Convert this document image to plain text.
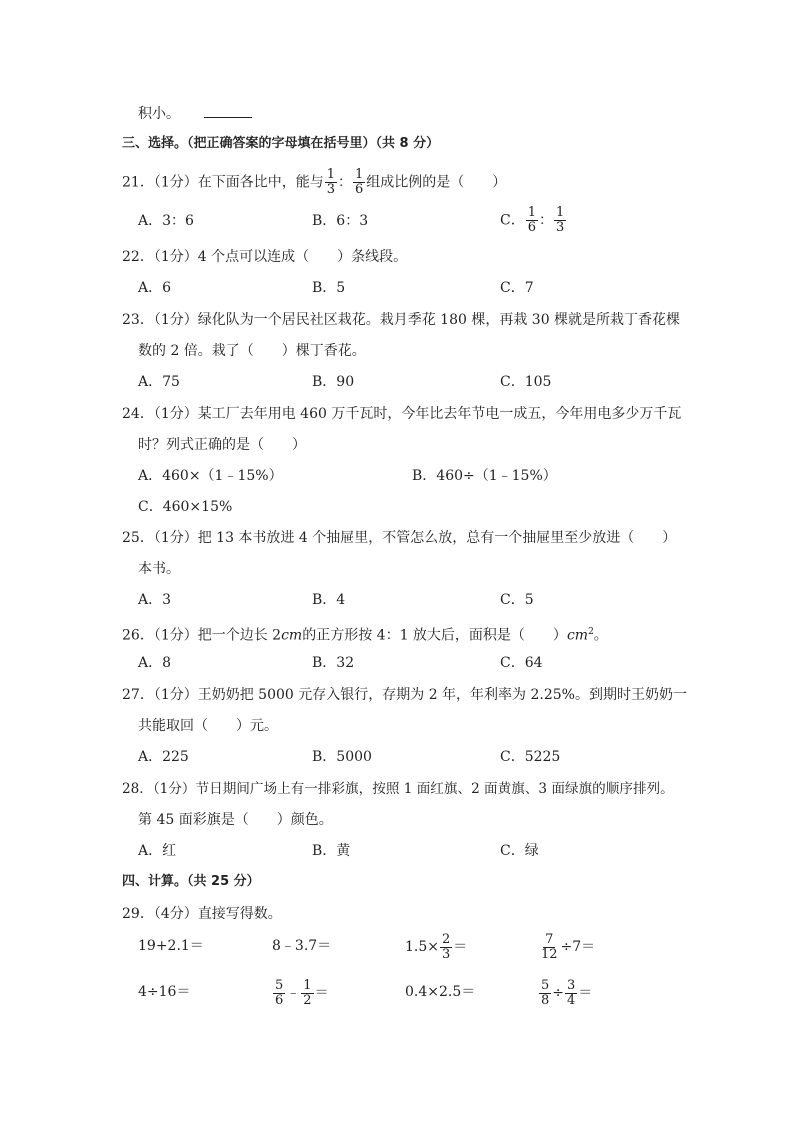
积小。
三、选择。（把正确答案的字母填在括号里）（共 8 分）
21．（1分）在下面各比中，能与 $\frac{1}{3}$ ： $\frac{1}{6}$ 组成比例的是（　　）
A．3：6	B．6：3	C． $\frac{1}{6}$ ： $\frac{1}{3}$
22．（1分）4 个点可以连成（　　）条线段。
A．6	B．5	C．7
23．（1分）绿化队为一个居民社区栽花。栽月季花 180 棵，再栽 30 棵就是所栽丁香花棵
数的 2 倍。栽了（　　）棵丁香花。
A．75	B．90	C．105
24．（1分）某工厂去年用电 460 万千瓦时，今年比去年节电一成五，今年用电多少万千瓦
时？列式正确的是（　　）
A．460×（1﹣15%）	B．460÷（1﹣15%）
C．460×15%
25．（1分）把 13 本书放进 4 个抽屉里，不管怎么放，总有一个抽屉里至少放进（　　）
本书。
A．3	B．4	C．5
26．（1分）把一个边长 2cm的正方形按 4：1 放大后，面积是（　　）$cm^2$。
A．8	B．32	C．64
27．（1分）王奶奶把 5000 元存入银行，存期为 2 年，年利率为 2.25%。到期时王奶奶一
共能取回（　　）元。
A．225	B．5000	C．5225
28．（1分）节日期间广场上有一排彩旗，按照 1 面红旗、2 面黄旗、3 面绿旗的顺序排列。
第 45 面彩旗是（　　）颜色。
A．红	B．黄	C．绿
四、计算。（共 25 分）
29．（4分）直接写得数。
19+2.1＝	8﹣3.7＝	$1.5\times \frac{2}{3}$ ＝	$\frac{7}{12} \div 7=$
4÷16＝	$\frac{5}{6}$ ﹣ $\frac{1}{2}$ ＝	0.4×2.5＝	$\frac{5}{8} \div \frac{3}{4}$ ＝
